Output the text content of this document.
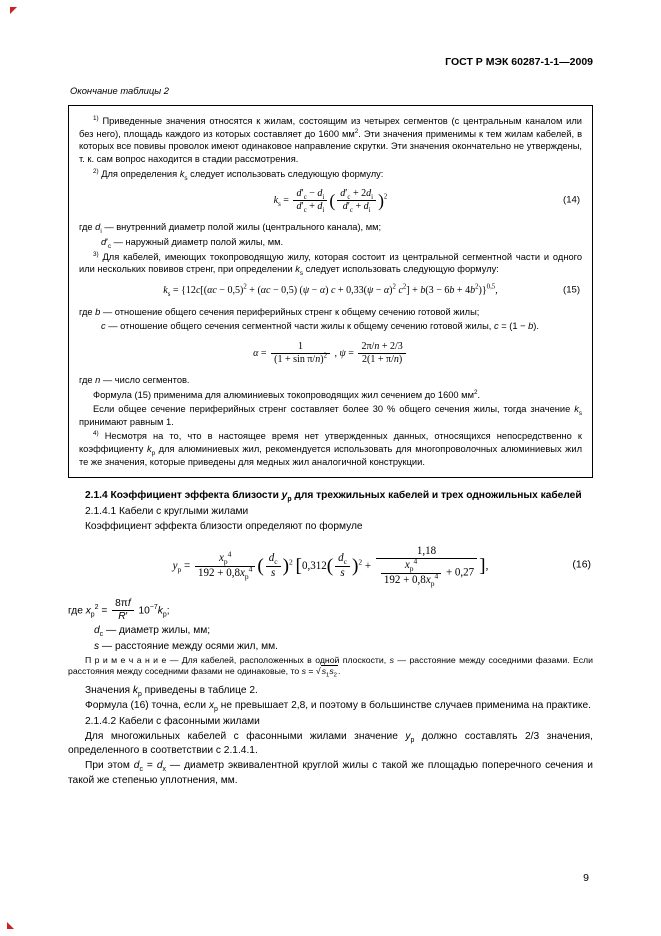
ГОСТ Р МЭК 60287-1-1—2009
Окончание таблицы 2

$^{1)}$ Приведенные значения относятся к жилам, состоящим из четырех сегментов (с центральным каналом или без него), площадь каждого из которых составляет до 1600 $мм^2$. Эти значения применимы к тем жилам кабелей, в которых все повивы проволок имеют одинаковое направление скрутки. Эти значения окончательно не утверждены, т. к. сам вопрос находится в стадии рассмотрения.

$^{2)}$ Для определения $k_s$ следует использовать следующую формулу:

$k_s = \frac{d'_c - d_i}{d'_c + d_i}$ ( $\frac{d'_c + 2d_i}{d'_c + d_i} )^2$	(14)

где $d_i$ — внутренний диаметр полой жилы (центрального канала), мм;

$d'_c$ — наружный диаметр полой жилы, мм.

$^{3)}$ Для кабелей, имеющих токопроводящую жилу, которая состоит из центральной сегментной части и одного или нескольких повивов стренг, при определении $k_s$ следует использовать следующую формулу:

$k_s = \{12с[(\alpha c - 0,5)^2 + (\alpha c - 0,5) (\psi - \alpha) c + 0,33(\psi - \alpha)^2$ $c^2] + b(3 - 6b + 4b^2)\}^{0,5}$,	(15)

где b — отношение общего сечения периферийных стренг к общему сечению готовой жилы;

с — отношение общего сечения сегментной части жилы к общему сечению готовой жилы, с = (1 − b).

$\alpha = \frac{1}{(1 + \sin \pi/n)^2}$ , $\psi = \frac{2\pi/n + 2/3}{2(1 + \pi/n)}$

где n — число сегментов.

Формула (15) применима для алюминиевых токопроводящих жил сечением до 1600 $мм^2$.

Если общее сечение периферийных стренг составляет более 30 % общего сечения жилы, тогда значение $k_s$ принимают равным 1.

$^{4)}$ Несмотря на то, что в настоящее время нет утвержденных данных, относящихся непосредственно к коэффициенту $k_p$ для алюминиевых жил, рекомендуется использовать для многопроволочных алюминиевых жил те же значения, которые приведены для медных жил аналогичной конструкции.

2.1.4 Коэффициент эффекта близости $y_p$ для трехжильных кабелей и трех одножильных кабелей

2.1.4.1 Кабели с круглыми жилами

Коэффициент эффекта близости определяют по формуле

$y_p = \frac{x_p^4}{192 + 0,8x_p^4}$ ( $\frac{d_c}{s} )^2$ [$0,312( \frac{d_c}{s} )^2 + \frac{1,18}{\frac{x_p^4}{192 + 0,8x_p^4} + 0,27}$ ],	(16)

где $x_p^2 = \frac{8\pi f}{R'} 10^{-7}k_p$;

$d_c$ — диаметр жилы, мм;

s — расстояние между осями жил, мм.

П р и м е ч а н и е — Для кабелей, расположенных в одной плоскости, s — расстояние между соседними фазами. Если расстояния между соседними фазами не одинаковые, то $s = √s_1s_2$.

Значения $k_p$ приведены в таблице 2.

Формула (16) точна, если $x_p$ не превышает 2,8, и поэтому в большинстве случаев применима на практике.

2.1.4.2 Кабели с фасонными жилами

Для многожильных кабелей с фасонными жилами значение $y_p$ должно составлять 2/3 значения, определенного в соответствии с 2.1.4.1.

При этом $d_c = d_x$ — диаметр эквивалентной круглой жилы с такой же площадью поперечного сечения и такой же степенью уплотнения, мм.

9
